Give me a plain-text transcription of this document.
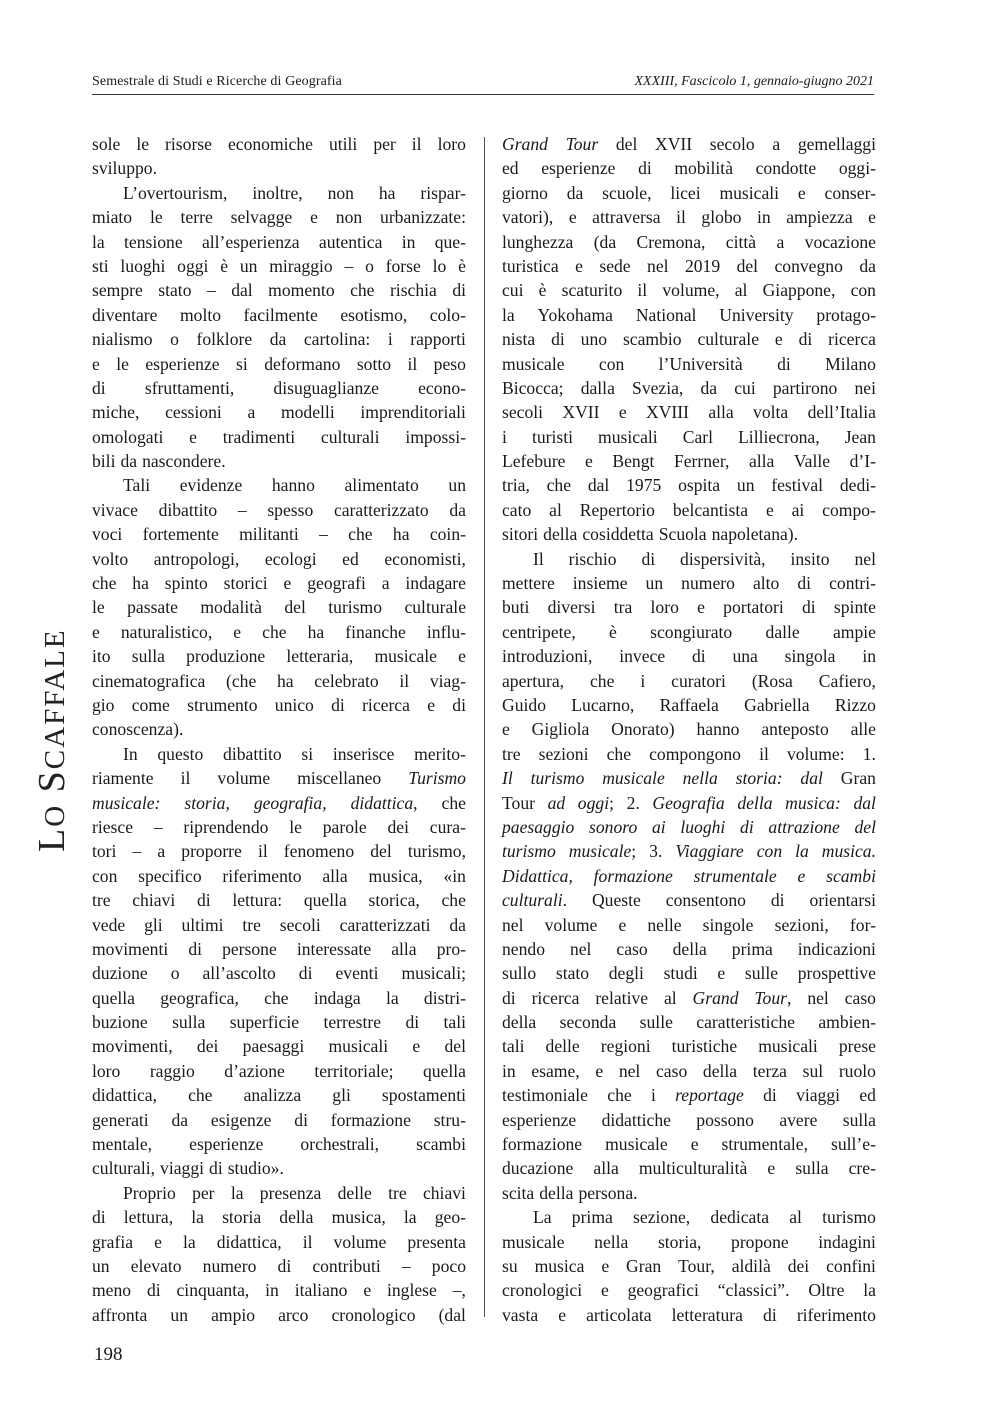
Semestrale di Studi e Ricerche di Geografia	XXXIII, Fascicolo 1, gennaio-giugno 2021
LO SCAFFALE
sole le risorse economiche utili per il loro
sviluppo.
L’overtourism, inoltre, non ha rispar-
miato le terre selvagge e non urbanizzate:
la tensione all’esperienza autentica in que-
sti luoghi oggi è un miraggio – o forse lo è
sempre stato – dal momento che rischia di
diventare molto facilmente esotismo, colo-
nialismo o folklore da cartolina: i rapporti
e le esperienze si deformano sotto il peso
di sfruttamenti, disuguaglianze econo-
miche, cessioni a modelli imprenditoriali
omologati e tradimenti culturali impossi-
bili da nascondere.
Tali evidenze hanno alimentato un
vivace dibattito – spesso caratterizzato da
voci fortemente militanti – che ha coin-
volto antropologi, ecologi ed economisti,
che ha spinto storici e geografi a indagare
le passate modalità del turismo culturale
e naturalistico, e che ha finanche influ-
ito sulla produzione letteraria, musicale e
cinematografica (che ha celebrato il viag-
gio come strumento unico di ricerca e di
conoscenza).
In questo dibattito si inserisce merito-
riamente il volume miscellaneo Turismo
musicale: storia, geografia, didattica, che
riesce – riprendendo le parole dei cura-
tori – a proporre il fenomeno del turismo,
con specifico riferimento alla musica, «in
tre chiavi di lettura: quella storica, che
vede gli ultimi tre secoli caratterizzati da
movimenti di persone interessate alla pro-
duzione o all’ascolto di eventi musicali;
quella geografica, che indaga la distri-
buzione sulla superficie terrestre di tali
movimenti, dei paesaggi musicali e del
loro raggio d’azione territoriale; quella
didattica, che analizza gli spostamenti
generati da esigenze di formazione stru-
mentale, esperienze orchestrali, scambi
culturali, viaggi di studio».
Proprio per la presenza delle tre chiavi
di lettura, la storia della musica, la geo-
grafia e la didattica, il volume presenta
un elevato numero di contributi – poco
meno di cinquanta, in italiano e inglese –,
affronta un ampio arco cronologico (dal
Grand Tour del XVII secolo a gemellaggi
ed esperienze di mobilità condotte oggi-
giorno da scuole, licei musicali e conser-
vatori), e attraversa il globo in ampiezza e
lunghezza (da Cremona, città a vocazione
turistica e sede nel 2019 del convegno da
cui è scaturito il volume, al Giappone, con
la Yokohama National University protago-
nista di uno scambio culturale e di ricerca
musicale con l’Università di Milano
Bicocca; dalla Svezia, da cui partirono nei
secoli XVII e XVIII alla volta dell’Italia
i turisti musicali Carl Lilliecrona, Jean
Lefebure e Bengt Ferrner, alla Valle d’I-
tria, che dal 1975 ospita un festival dedi-
cato al Repertorio belcantista e ai compo-
sitori della cosiddetta Scuola napoletana).
Il rischio di dispersività, insito nel
mettere insieme un numero alto di contri-
buti diversi tra loro e portatori di spinte
centripete, è scongiurato dalle ampie
introduzioni, invece di una singola in
apertura, che i curatori (Rosa Cafiero,
Guido Lucarno, Raffaela Gabriella Rizzo
e Gigliola Onorato) hanno anteposto alle
tre sezioni che compongono il volume: 1.
Il turismo musicale nella storia: dal Gran
Tour ad oggi; 2. Geografia della musica: dal
paesaggio sonoro ai luoghi di attrazione del
turismo musicale; 3. Viaggiare con la musica.
Didattica, formazione strumentale e scambi
culturali. Queste consentono di orientarsi
nel volume e nelle singole sezioni, for-
nendo nel caso della prima indicazioni
sullo stato degli studi e sulle prospettive
di ricerca relative al Grand Tour, nel caso
della seconda sulle caratteristiche ambien-
tali delle regioni turistiche musicali prese
in esame, e nel caso della terza sul ruolo
testimoniale che i reportage di viaggi ed
esperienze didattiche possono avere sulla
formazione musicale e strumentale, sull’e-
ducazione alla multiculturalità e sulla cre-
scita della persona.
La prima sezione, dedicata al turismo
musicale nella storia, propone indagini
su musica e Gran Tour, aldilà dei confini
cronologici e geografici “classici”. Oltre la
vasta e articolata letteratura di riferimento
198
